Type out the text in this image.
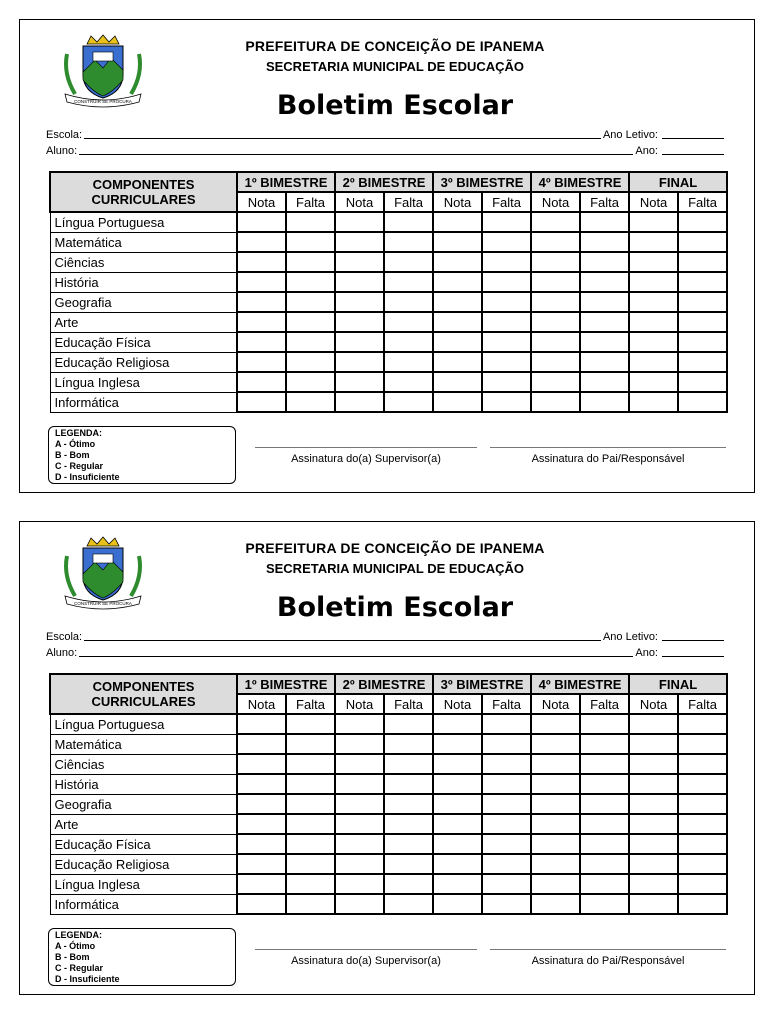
CONSTRUIR SE PROCURA
PREFEITURA DE CONCEIÇÃO DE IPANEMA
SECRETARIA MUNICIPAL DE EDUCAÇÃO
Boletim Escolar
Escola:	Ano Letivo:
Aluno:	Ano:
COMPONENTES CURRICULARES	1º BIMESTRE		2º BIMESTRE		3º BIMESTRE		4º BIMESTRE		FINAL	
	Nota	Falta	Nota	Falta	Nota	Falta	Nota	Falta	Nota	Falta
Língua Portuguesa										
Matemática										
Ciências										
História										
Geografia										
Arte										
Educação Física										
Educação Religiosa										
Língua Inglesa										
Informática										
LEGENDA:
A - Ótimo
B - Bom
C - Regular
D - Insuficiente
Assinatura do(a) Supervisor(a)	Assinatura do Pai/Responsável
CONSTRUIR SE PROCURA
PREFEITURA DE CONCEIÇÃO DE IPANEMA
SECRETARIA MUNICIPAL DE EDUCAÇÃO
Boletim Escolar
Escola:	Ano Letivo:
Aluno:	Ano:
COMPONENTES CURRICULARES	1º BIMESTRE		2º BIMESTRE		3º BIMESTRE		4º BIMESTRE		FINAL	
	Nota	Falta	Nota	Falta	Nota	Falta	Nota	Falta	Nota	Falta
Língua Portuguesa										
Matemática										
Ciências										
História										
Geografia										
Arte										
Educação Física										
Educação Religiosa										
Língua Inglesa										
Informática										
LEGENDA:
A - Ótimo
B - Bom
C - Regular
D - Insuficiente
Assinatura do(a) Supervisor(a)	Assinatura do Pai/Responsável
